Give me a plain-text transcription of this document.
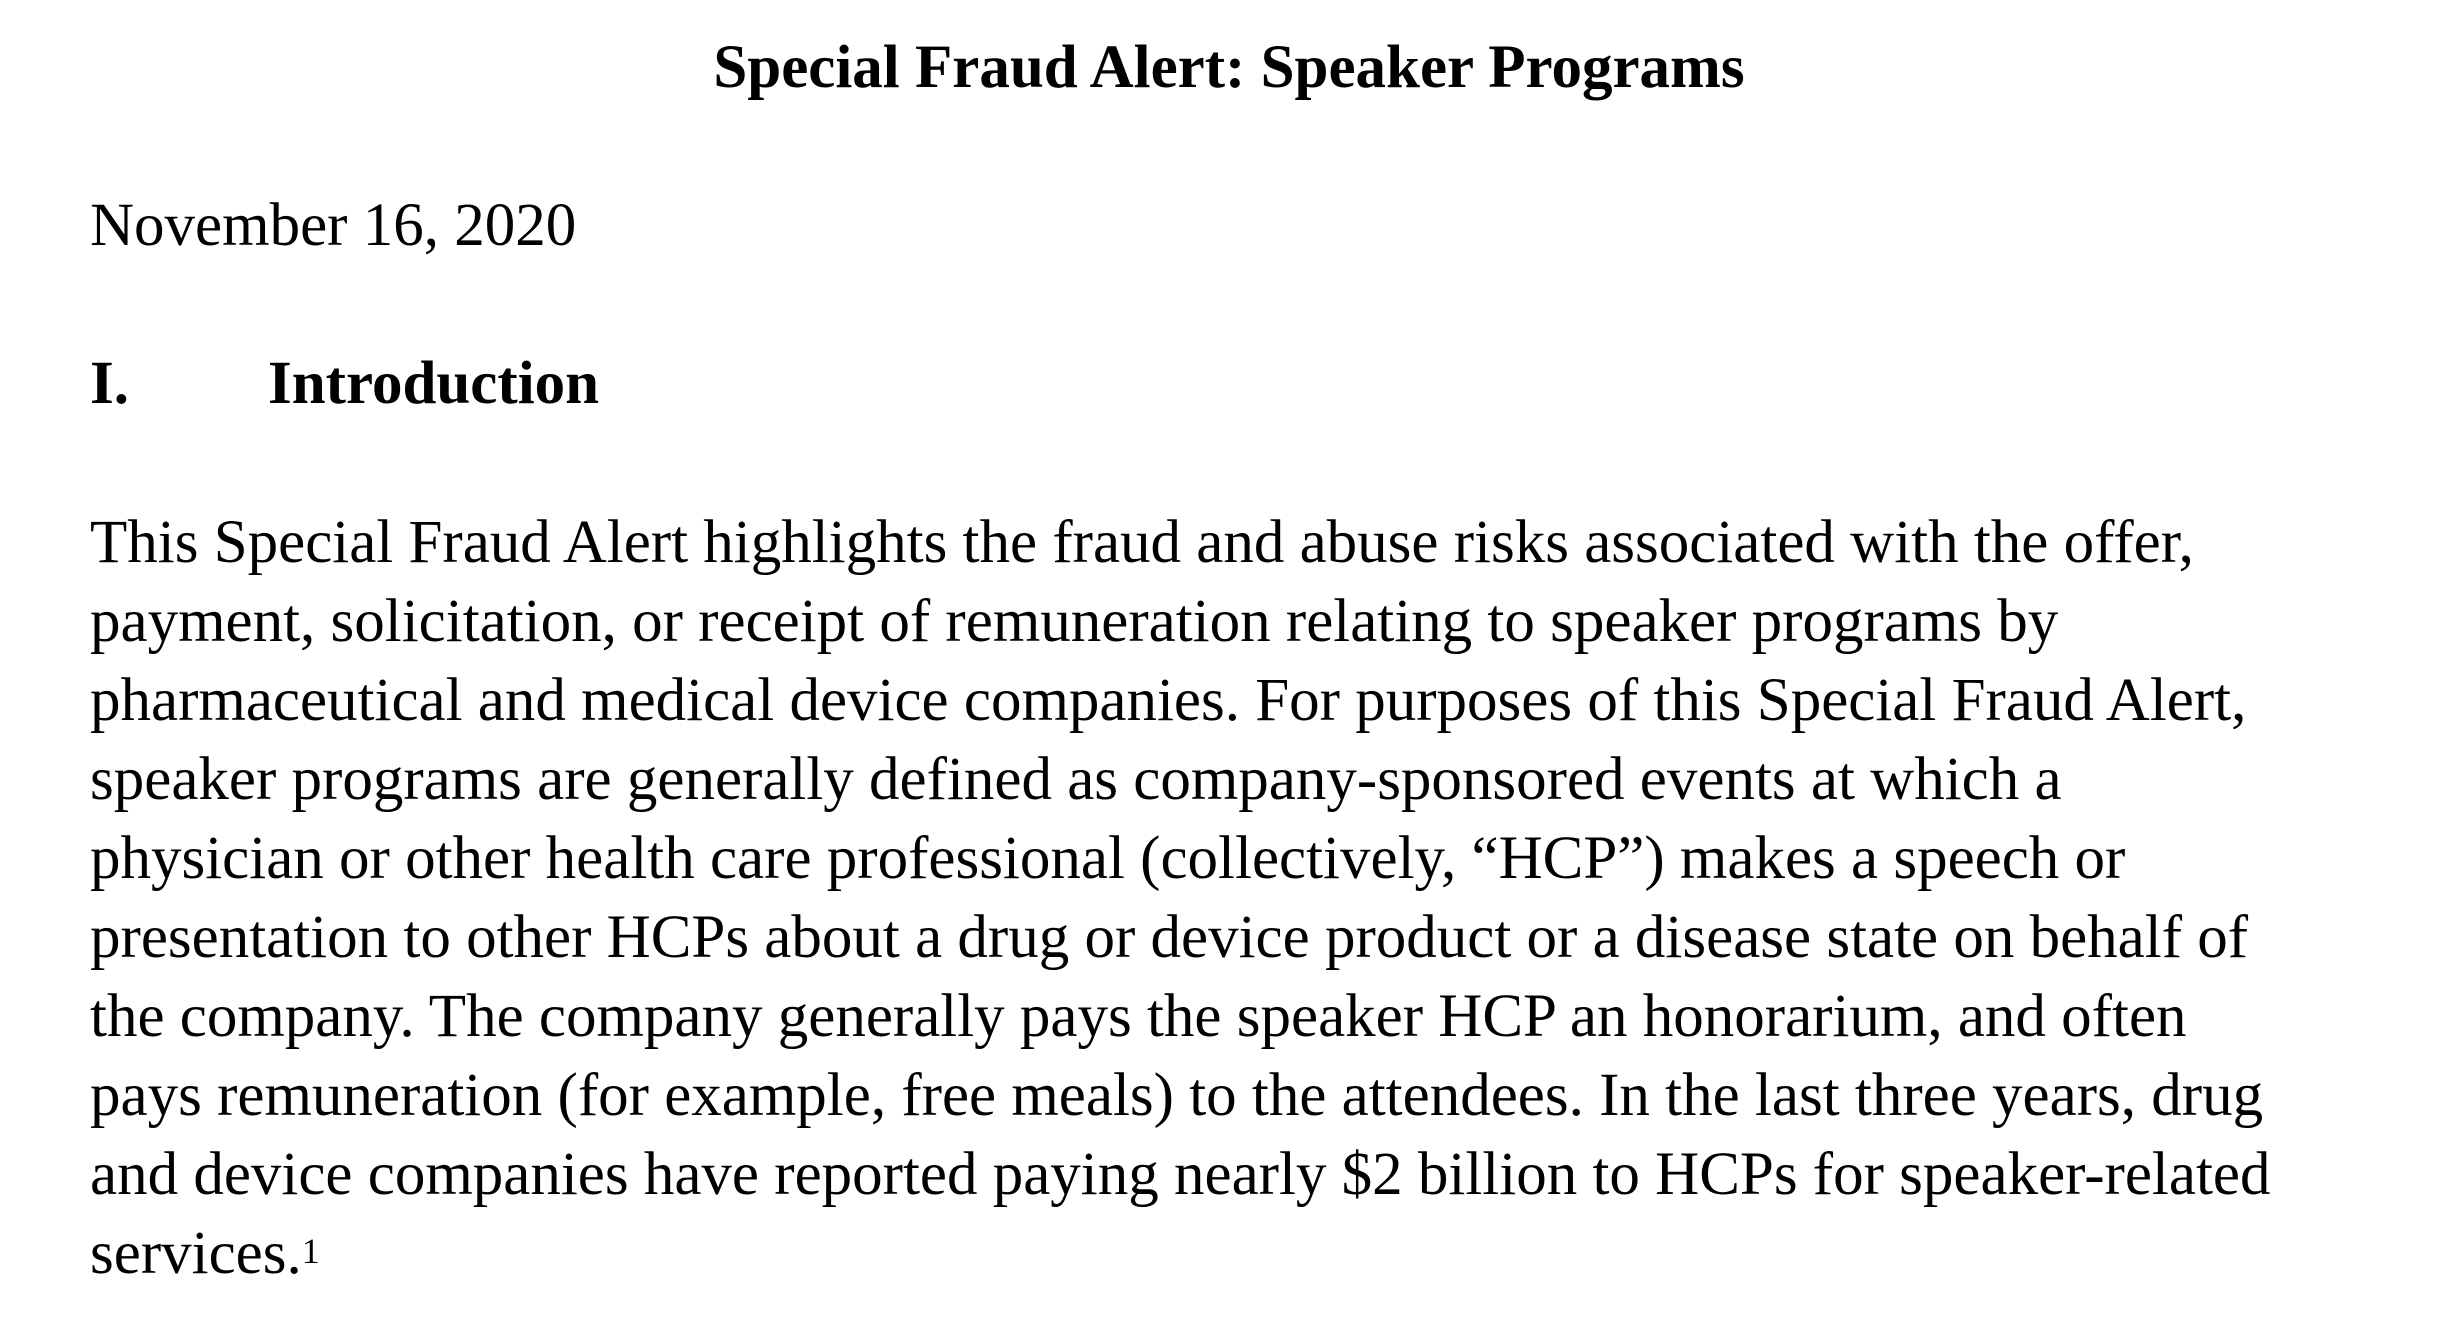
Special Fraud Alert: Speaker Programs

November 16, 2020

I. Introduction

This Special Fraud Alert highlights the fraud and abuse risks associated with the offer,
payment, solicitation, or receipt of remuneration relating to speaker programs by
pharmaceutical and medical device companies. For purposes of this Special Fraud Alert,
speaker programs are generally defined as company-sponsored events at which a
physician or other health care professional (collectively, “HCP”) makes a speech or
presentation to other HCPs about a drug or device product or a disease state on behalf of
the company. The company generally pays the speaker HCP an honorarium, and often
pays remuneration (for example, free meals) to the attendees. In the last three years, drug
and device companies have reported paying nearly $2 billion to HCPs for speaker-related
services.$^1$
